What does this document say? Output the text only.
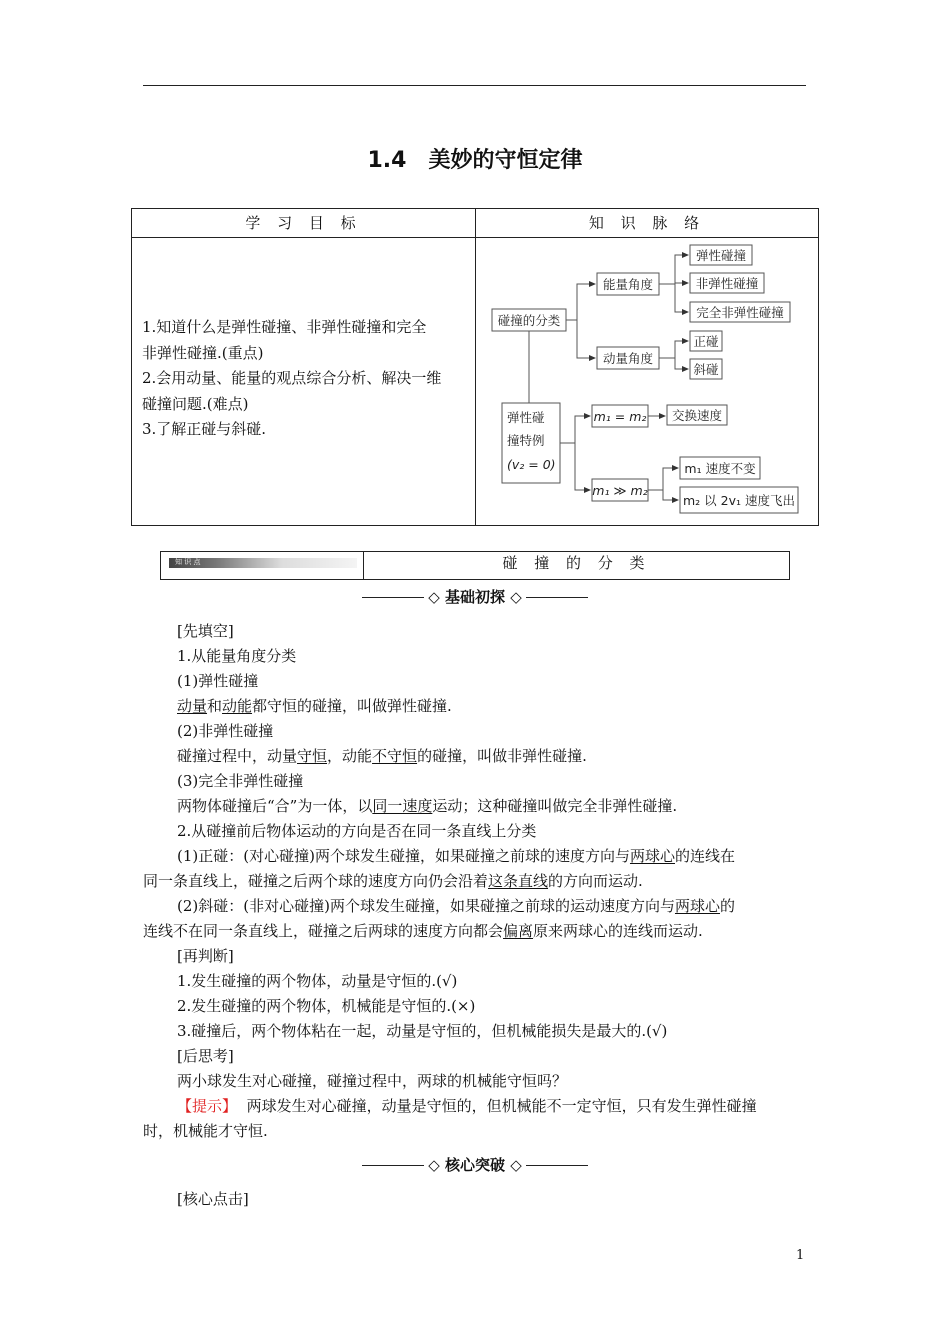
1.4 美妙的守恒定律
学 习 目 标	知 识 脉 络

1.知道什么是弹性碰撞、非弹性碰撞和完全

非弹性碰撞.(重点)

2.会用动量、能量的观点综合分析、解决一维

碰撞问题.(难点)

3.了解正碰与斜碰.

碰撞的分类
能量角度
弹性碰撞
非弹性碰撞
完全非弹性碰撞
动量角度
正碰
斜碰
弹性碰
撞特例
(v₂ = 0)
m₁ = m₂ 交换速度
m₁ ≫ m₂
m₁ 速度不变
m₂ 以 2v₁ 速度飞出
知 识 点	碰 撞 的 分 类
◇ 基础初探 ◇
[先填空]
1.从能量角度分类
(1)弹性碰撞
动量和动能都守恒的碰撞，叫做弹性碰撞.
(2)非弹性碰撞
碰撞过程中，动量守恒，动能不守恒的碰撞，叫做非弹性碰撞.
(3)完全非弹性碰撞
两物体碰撞后“合”为一体，以同一速度运动；这种碰撞叫做完全非弹性碰撞.
2.从碰撞前后物体运动的方向是否在同一条直线上分类
(1)正碰：(对心碰撞)两个球发生碰撞，如果碰撞之前球的速度方向与两球心的连线在
同一条直线上，碰撞之后两个球的速度方向仍会沿着这条直线的方向而运动.
(2)斜碰：(非对心碰撞)两个球发生碰撞，如果碰撞之前球的运动速度方向与两球心的
连线不在同一条直线上，碰撞之后两球的速度方向都会偏离原来两球心的连线而运动.
[再判断]
1.发生碰撞的两个物体，动量是守恒的.(√)
2.发生碰撞的两个物体，机械能是守恒的.(×)
3.碰撞后，两个物体粘在一起，动量是守恒的，但机械能损失是最大的.(√)
[后思考]
两小球发生对心碰撞，碰撞过程中，两球的机械能守恒吗？
【提示】 两球发生对心碰撞，动量是守恒的，但机械能不一定守恒，只有发生弹性碰撞
时，机械能才守恒.
◇ 核心突破 ◇
[核心点击]
1
